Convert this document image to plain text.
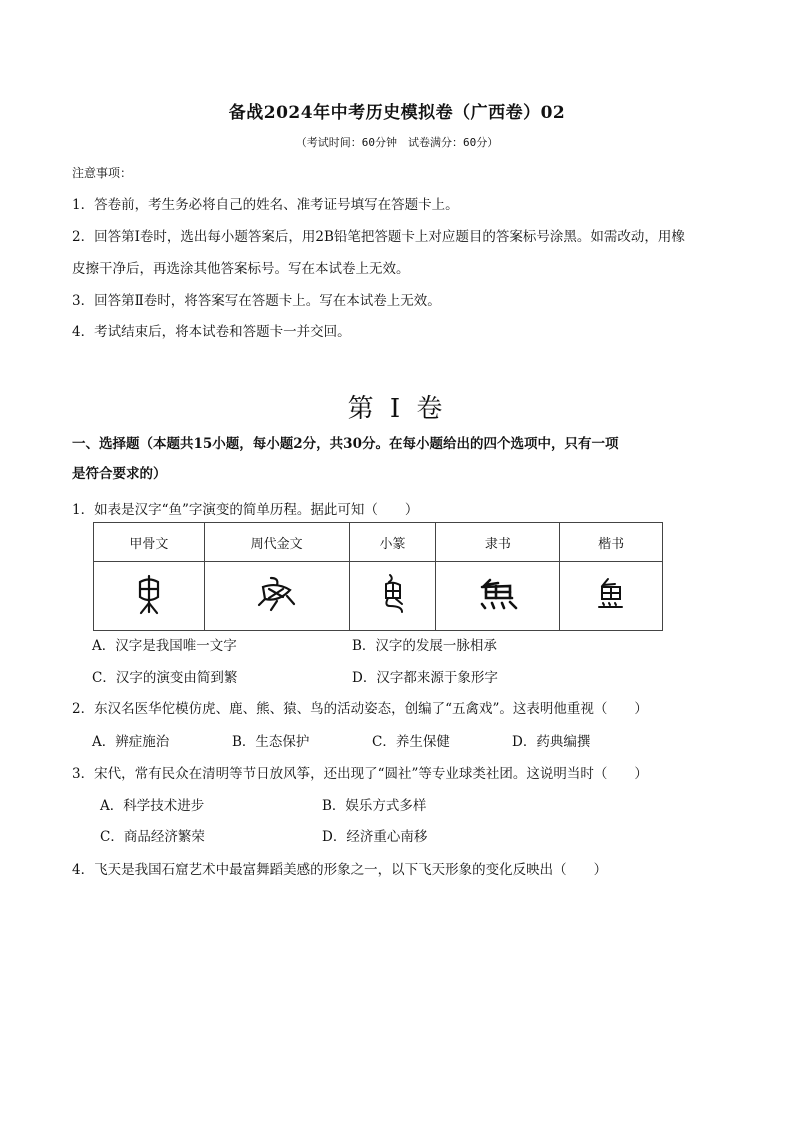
备战2024年中考历史模拟卷（广西卷）02
（考试时间：60分钟　试卷满分：60分）
注意事项：
1．答卷前，考生务必将自己的姓名、准考证号填写在答题卡上。
2．回答第Ⅰ卷时，选出每小题答案后，用2B铅笔把答题卡上对应题目的答案标号涂黑。如需改动，用橡
皮擦干净后，再选涂其他答案标号。写在本试卷上无效。
3．回答第Ⅱ卷时，将答案写在答题卡上。写在本试卷上无效。
4．考试结束后，将本试卷和答题卡一并交回。
第 I 卷
一、选择题（本题共15小题，每小题2分，共30分。在每小题给出的四个选项中，只有一项
是符合要求的）
1．如表是汉字“鱼”字演变的简单历程。据此可知（　　）
甲骨文	周代金文	小篆	隶书	楷书

A．汉字是我国唯一文字	B．汉字的发展一脉相承
C．汉字的演变由简到繁	D．汉字都来源于象形字
2．东汉名医华佗模仿虎、鹿、熊、猿、鸟的活动姿态，创编了“五禽戏”。这表明他重视（　　）
A．辨症施治	B．生态保护	C．养生保健	D．药典编撰
3．宋代，常有民众在清明等节日放风筝，还出现了“圆社”等专业球类社团。这说明当时（　　）
A．科学技术进步	B．娱乐方式多样
C．商品经济繁荣	D．经济重心南移
4．飞天是我国石窟艺术中最富舞蹈美感的形象之一，以下飞天形象的变化反映出（　　）
